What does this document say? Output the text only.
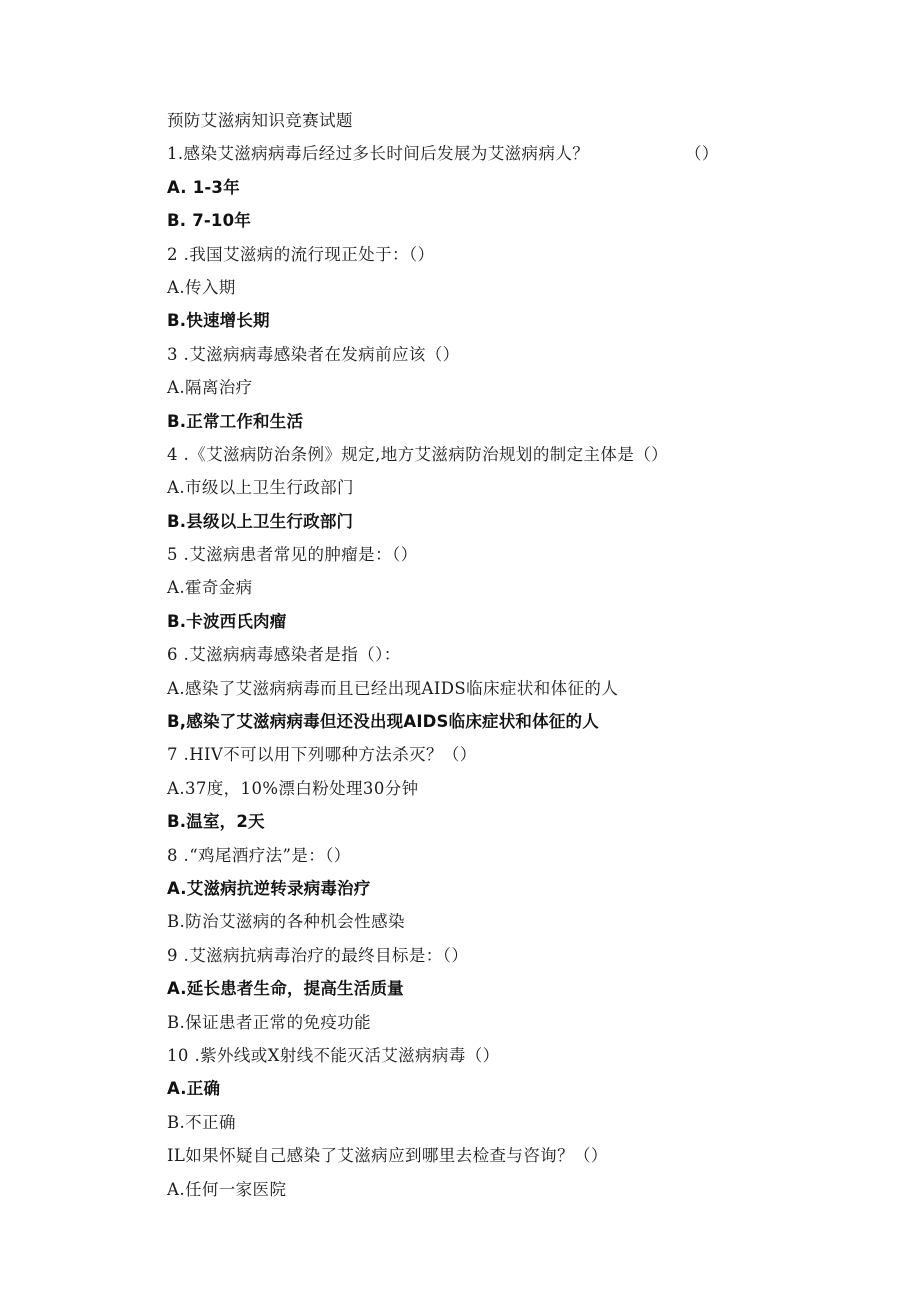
预防艾滋病知识竞赛试题
1.感染艾滋病病毒后经过多长时间后发展为艾滋病病人？	（）
A. 1-3年
B. 7-10年
2 .我国艾滋病的流行现正处于：（）
A.传入期
B.快速增长期
3 .艾滋病病毒感染者在发病前应该（）
A.隔离治疗
B.正常工作和生活
4 .《艾滋病防治条例》规定,地方艾滋病防治规划的制定主体是（）
A.市级以上卫生行政部门
B.县级以上卫生行政部门
5 .艾滋病患者常见的肿瘤是：（）
A.霍奇金病
B.卡波西氏肉瘤
6 .艾滋病病毒感染者是指（）：
A.感染了艾滋病病毒而且已经出现AIDS临床症状和体征的人
B,感染了艾滋病病毒但还没出现AIDS临床症状和体征的人
7 .HIV不可以用下列哪种方法杀灭？（）
A.37度，10%漂白粉处理30分钟
B.温室，2天
8 .“鸡尾酒疗法”是：（）
A.艾滋病抗逆转录病毒治疗
B.防治艾滋病的各种机会性感染
9 .艾滋病抗病毒治疗的最终目标是：（）
A.延长患者生命，提高生活质量
B.保证患者正常的免疫功能
10 .紫外线或X射线不能灭活艾滋病病毒（）
A.正确
B.不正确
IL如果怀疑自己感染了艾滋病应到哪里去检查与咨询？（）
A.任何一家医院
